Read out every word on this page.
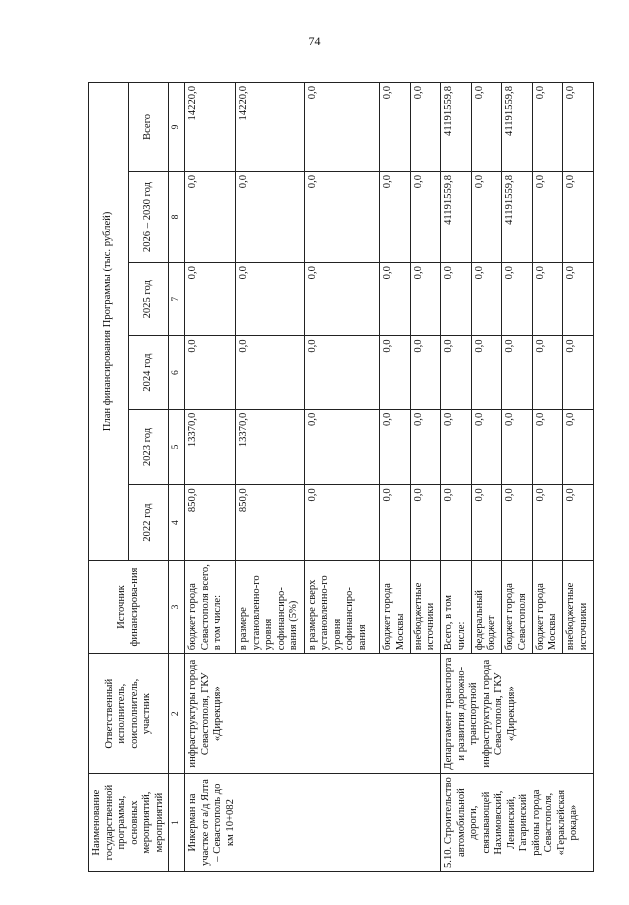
74
Наименование государственной программы, основных мероприятий, мероприятий	Ответственный исполнитель, соисполнитель, участник	Источник финансирова-ния	План финансирования Программы (тыс. рублей)					
			2022 год	2023 год	2024 год	2025 год	2026 – 2030 год	Всего
1	2	3	4	5	6	7	8	9
Инкерман на участке от а/д Ялта – Севастополь до км 10+082	инфраструктуры города Севастополя, ГКУ «Дирекция»	бюджет города Севастополя всего, в том числе:	850,0	13370,0	0,0	0,0	0,0	14220,0
		в размере установленно-го уровня софинансиро-вания (5%)	850,0	13370,0	0,0	0,0	0,0	14220,0
		в размере сверх установленно-го уровня софинансиро-вания	0,0	0,0	0,0	0,0	0,0	0,0
		бюджет города Москвы	0,0	0,0	0,0	0,0	0,0	0,0
		внебюджетные источники	0,0	0,0	0,0	0,0	0,0	0,0
5.10. Строительство автомобильной дороги, связывающей Нахимовский, Ленинский, Гагаринский районы города Севастополя, «Гераклейская рокада»	Департамент транспорта и развития дорожно-транспортной инфраструктуры города Севастополя, ГКУ «Дирекция»	Всего, в том числе:	0,0	0,0	0,0	0,0	41191559,8	41191559,8
		федеральный бюджет	0,0	0,0	0,0	0,0	0,0	0,0
		бюджет города Севастополя	0,0	0,0	0,0	0,0	41191559,8	41191559,8
		бюджет города Москвы	0,0	0,0	0,0	0,0	0,0	0,0
		внебюджетные источники	0,0	0,0	0,0	0,0	0,0	0,0
